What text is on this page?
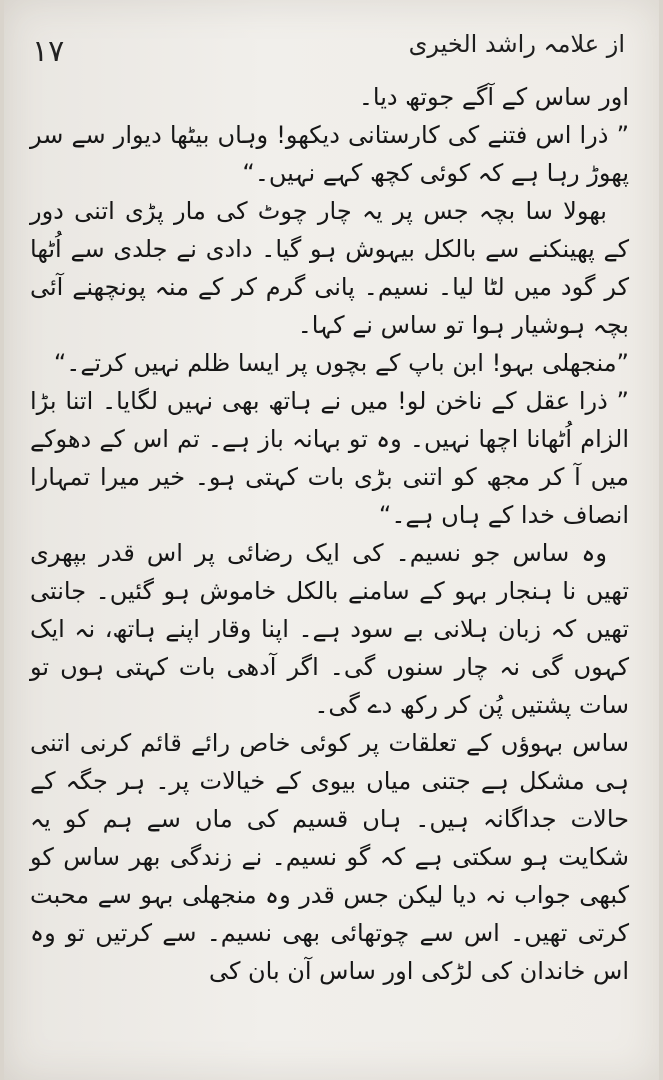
۱۷	از علامہ راشد الخیری

اور ساس کے آگے جوتھ دیا۔

” ذرا اس فتنے کی کارستانی دیکھو! وہاں بیٹھا دیوار سے سر پھوڑ رہا ہے کہ کوئی کچھ کہے نہیں۔“

بھولا سا بچہ جس پر یہ چار چوٹ کی مار پڑی اتنی دور کے پھینکنے سے بالکل بیہوش ہو گیا۔ دادی نے جلدی سے اُٹھا کر گود میں لٹا لیا۔ نسیم۔ پانی گرم کر کے منہ پونچھنے آئی بچہ ہوشیار ہوا تو ساس نے کہا۔

”منجھلی بہو! ابن باپ کے بچوں پر ایسا ظلم نہیں کرتے۔“

” ذرا عقل کے ناخن لو! میں نے ہاتھ بھی نہیں لگایا۔ اتنا بڑا الزام اُٹھانا اچھا نہیں۔ وہ تو بہانہ باز ہے۔ تم اس کے دھوکے میں آ کر مجھ کو اتنی بڑی بات کہتی ہو۔ خیر میرا تمہارا انصاف خدا کے ہاں ہے۔“

وہ ساس جو نسیم۔ کی ایک رضائی پر اس قدر بپھری تھیں نا ہنجار بہو کے سامنے بالکل خاموش ہو گئیں۔ جانتی تھیں کہ زبان ہلانی بے سود ہے۔ اپنا وقار اپنے ہاتھ، نہ ایک کہوں گی نہ چار سنوں گی۔ اگر آدھی بات کہتی ہوں تو سات پشتیں پُن کر رکھ دے گی۔

ساس بہوؤں کے تعلقات پر کوئی خاص رائے قائم کرنی اتنی ہی مشکل ہے جتنی میاں بیوی کے خیالات پر۔ ہر جگہ کے حالات جداگانہ ہیں۔ ہاں قسیم کی ماں سے ہم کو یہ شکایت ہو سکتی ہے کہ گو نسیم۔ نے زندگی بھر ساس کو کبھی جواب نہ دیا لیکن جس قدر وہ منجھلی بہو سے محبت کرتی تھیں۔ اس سے چوتھائی بھی نسیم۔ سے کرتیں تو وہ اس خاندان کی لڑکی اور ساس آن بان کی
